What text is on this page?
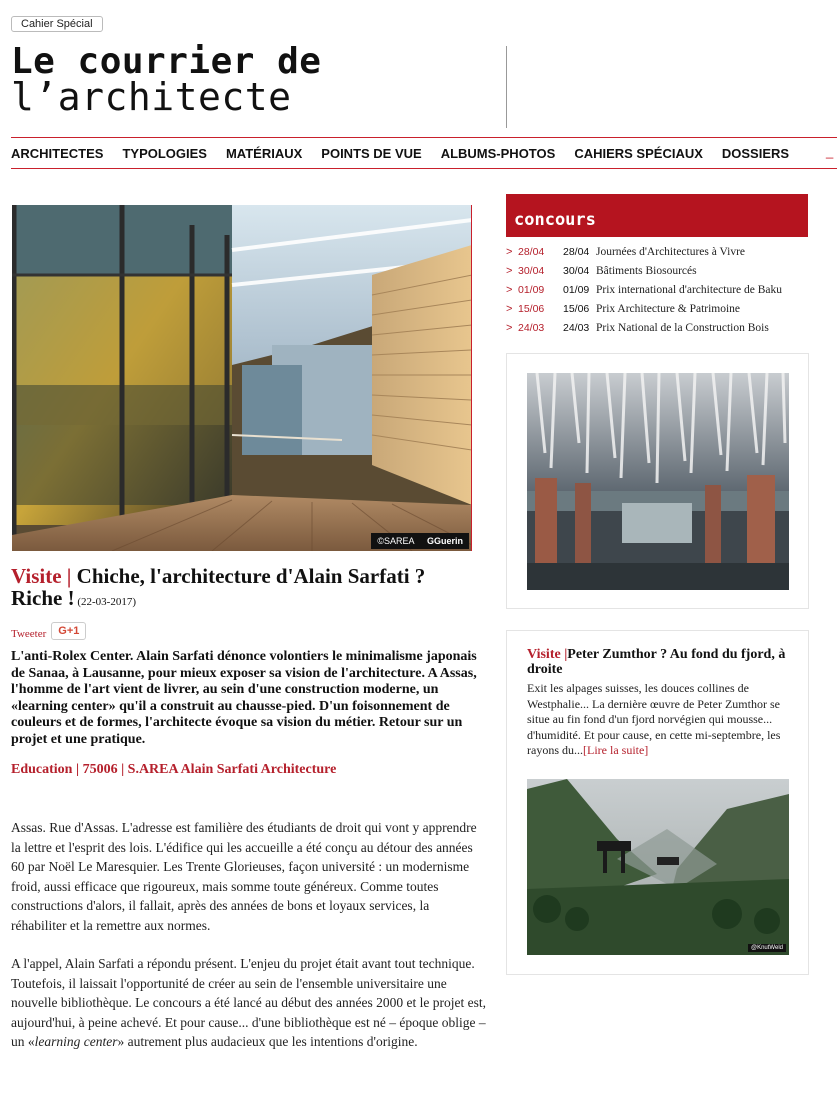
Cahier Spécial
Le courrier de
l’architecte
ARCHITECTES TYPOLOGIES MATÉRIAUX POINTS DE VUE ALBUMS-PHOTOS CAHIERS SPÉCIAUX DOSSIERS	_
©SAREA GGuerin
Visite | Chiche, l'architecture d'Alain Sarfati ? Riche ! (22-03-2017)
Tweeter	G+1

L'anti-Rolex Center. Alain Sarfati dénonce volontiers le minimalisme japonais de Sanaa, à Lausanne, pour mieux exposer sa vision de l'architecture. A Assas, l'homme de l'art vient de livrer, au sein d'une construction moderne, un «learning center» qu'il a construit au chausse-pied. D'un foisonnement de couleurs et de formes, l'architecte évoque sa vision du métier. Retour sur un projet et une pratique.

Education | 75006 | S.AREA Alain Sarfati Architecture

Assas. Rue d'Assas. L'adresse est familière des étudiants de droit qui vont y apprendre la lettre et l'esprit des lois. L'édifice qui les accueille a été conçu au détour des années 60 par Noël Le Maresquier. Les Trente Glorieuses, façon université : un modernisme froid, aussi efficace que rigoureux, mais somme toute généreux. Comme toutes constructions d'alors, il fallait, après des années de bons et loyaux services, la réhabiliter et la remettre aux normes.

A l'appel, Alain Sarfati a répondu présent. L'enjeu du projet était avant tout technique. Toutefois, il laissait l'opportunité de créer au sein de l'ensemble universitaire une nouvelle bibliothèque. Le concours a été lancé au début des années 2000 et le projet est, aujourd'hui, à peine achevé. Et pour cause... d'une bibliothèque est né – époque oblige – un «learning center» autrement plus audacieux que les intentions d'origine.

concours
> 28/04	28/04 Journées d'Architectures à Vivre
> 30/04	30/04 Bâtiments Biosourcés
> 01/09	01/09 Prix international d'architecture de Baku
> 15/06	15/06 Prix Architecture & Patrimoine
> 24/03	24/03 Prix National de la Construction Bois
Visite |Peter Zumthor ? Au fond du fjord, à droite
Exit les alpages suisses, les douces collines de Westphalie... La dernière œuvre de Peter Zumthor se situe au fin fond d'un fjord norvégien qui mousse... d'humidité. Et pour cause, en cette mi-septembre, les rayons du...[Lire la suite]
@KnutWeld
